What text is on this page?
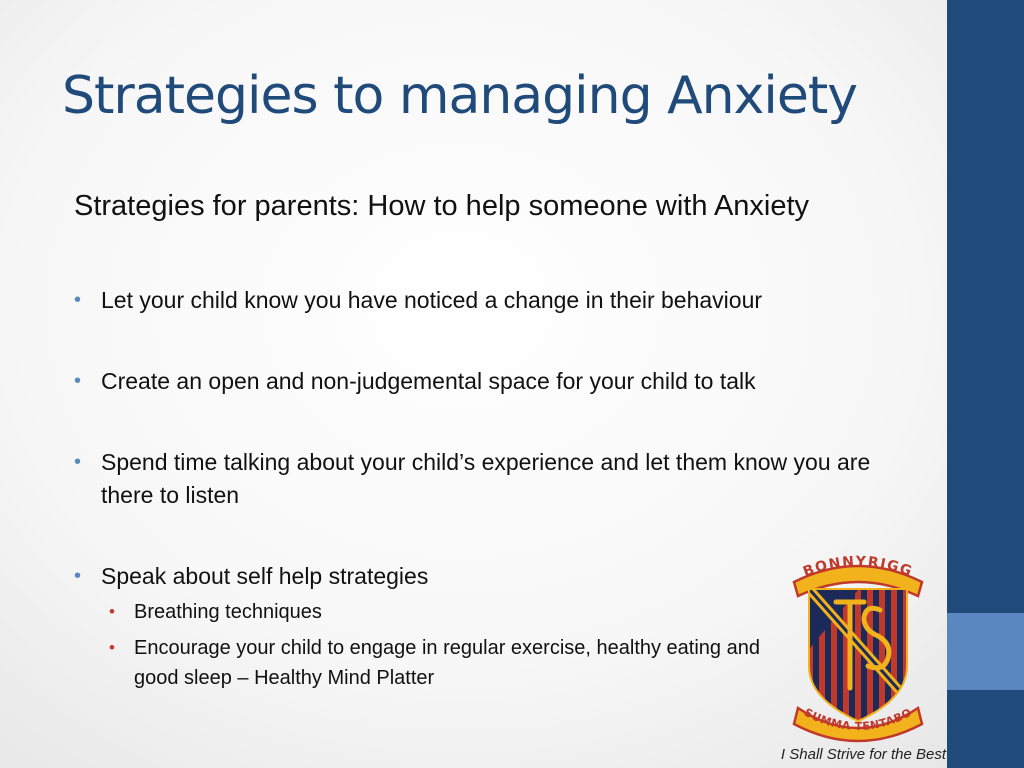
Strategies to managing Anxiety
Strategies for parents: How to help someone with Anxiety
• Let your child know you have noticed a change in their behaviour
• Create an open and non-judgemental space for your child to talk
• Spend time talking about your child’s experience and let them know you are there to listen
• Speak about self help strategies
• Breathing techniques
• Encourage your child to engage in regular exercise, healthy eating and good sleep – Healthy Mind Platter
BONNYRIGG
SUMMA TENTABO
I Shall Strive for the Best
